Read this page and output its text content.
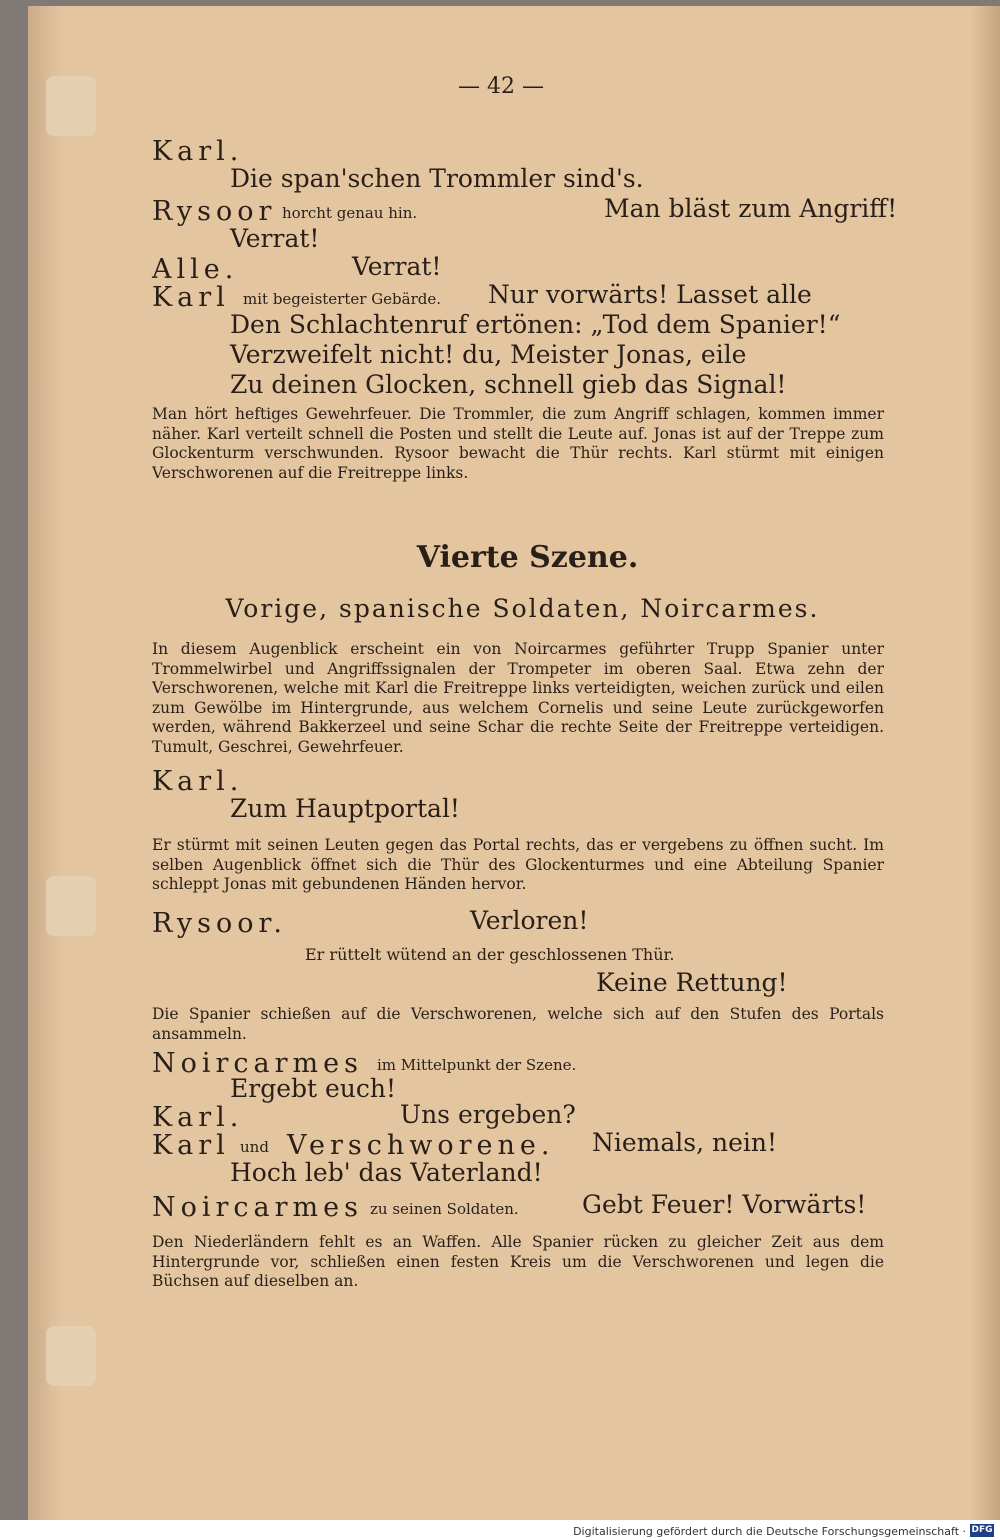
— 42 —
Karl.
Die span'schen Trommler sind's.
Rysoor horcht genau hin.	Man bläst zum Angriff!
Verrat!
Alle.	Verrat!
Karl mit begeisterter Gebärde. Nur vorwärts! Lasset alle
Den Schlachtenruf ertönen: „Tod dem Spanier!“
Verzweifelt nicht! du, Meister Jonas, eile
Zu deinen Glocken, schnell gieb das Signal!
Man hört heftiges Gewehrfeuer. Die Trommler, die zum Angriff schlagen, kommen immer näher. Karl verteilt schnell die Posten und stellt die Leute auf. Jonas ist auf der Treppe zum Glockenturm verschwunden. Rysoor bewacht die Thür rechts. Karl stürmt mit einigen Verschworenen auf die Freitreppe links.
Vierte Szene.
Vorige, spanische Soldaten, Noircarmes.
In diesem Augenblick erscheint ein von Noircarmes geführter Trupp Spanier unter Trommelwirbel und Angriffssignalen der Trompeter im oberen Saal. Etwa zehn der Verschworenen, welche mit Karl die Freitreppe links verteidigten, weichen zurück und eilen zum Gewölbe im Hintergrunde, aus welchem Cornelis und seine Leute zurückgeworfen werden, während Bakkerzeel und seine Schar die rechte Seite der Freitreppe verteidigen. Tumult, Geschrei, Gewehrfeuer.
Karl.
Zum Hauptportal!
Er stürmt mit seinen Leuten gegen das Portal rechts, das er vergebens zu öffnen sucht. Im selben Augenblick öffnet sich die Thür des Glockenturmes und eine Abteilung Spanier schleppt Jonas mit gebundenen Händen hervor.
Rysoor.	Verloren!
Er rüttelt wütend an der geschlossenen Thür.
Keine Rettung!
Die Spanier schießen auf die Verschworenen, welche sich auf den Stufen des Portals ansammeln.
Noircarmes im Mittelpunkt der Szene.
Ergebt euch!
Karl.	Uns ergeben?
Karl und Verschworene. Niemals, nein!
Hoch leb' das Vaterland!
Noircarmes zu seinen Soldaten.	Gebt Feuer! Vorwärts!
Den Niederländern fehlt es an Waffen. Alle Spanier rücken zu gleicher Zeit aus dem Hintergrunde vor, schließen einen festen Kreis um die Verschworenen und legen die Büchsen auf dieselben an.
Digitalisierung gefördert durch die Deutsche Forschungsgemeinschaft · DFG
